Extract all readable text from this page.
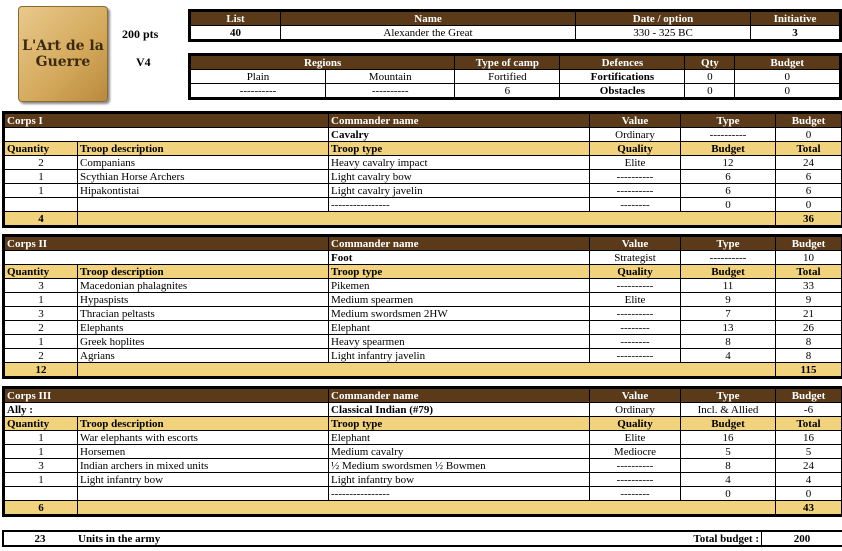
L'Art de la Guerre
200 pts
V4
List	Name	Date / option	Initiative
40	Alexander the Great	330 - 325 BC	3
Regions		Type of camp	Defences	Qty	Budget
Plain	Mountain	Fortified	Fortifications	0	0
----------	----------	6	Obstacles	0	0
Corps I		Commander name	Value	Type	Budget
		Cavalry	Ordinary	----------	0
Quantity	Troop description	Troop type	Quality	Budget	Total
2	Companians	Heavy cavalry impact	Elite	12	24
1	Scythian Horse Archers	Light cavalry bow	----------	6	6
1	Hipakontistai	Light cavalry javelin	----------	6	6
		----------------	--------	0	0
4					36
Corps II		Commander name	Value	Type	Budget
		Foot	Strategist	----------	10
Quantity	Troop description	Troop type	Quality	Budget	Total
3	Macedonian phalagnites	Pikemen	----------	11	33
1	Hypaspists	Medium spearmen	Elite	9	9
3	Thracian peltasts	Medium swordsmen 2HW	----------	7	21
2	Elephants	Elephant	--------	13	26
1	Greek hoplites	Heavy spearmen	--------	8	8
2	Agrians	Light infantry javelin	----------	4	8
12					115
Corps III		Commander name	Value	Type	Budget
Ally :		Classical Indian (#79)	Ordinary	Incl. & Allied	-6
Quantity	Troop description	Troop type	Quality	Budget	Total
1	War elephants with escorts	Elephant	Elite	16	16
1	Horsemen	Medium cavalry	Mediocre	5	5
3	Indian archers in mixed units	½ Medium swordsmen ½ Bowmen	----------	8	24
1	Light infantry bow	Light infantry bow	----------	4	4
		----------------	--------	0	0
6					43
23	Units in the army	Total budget :	200
